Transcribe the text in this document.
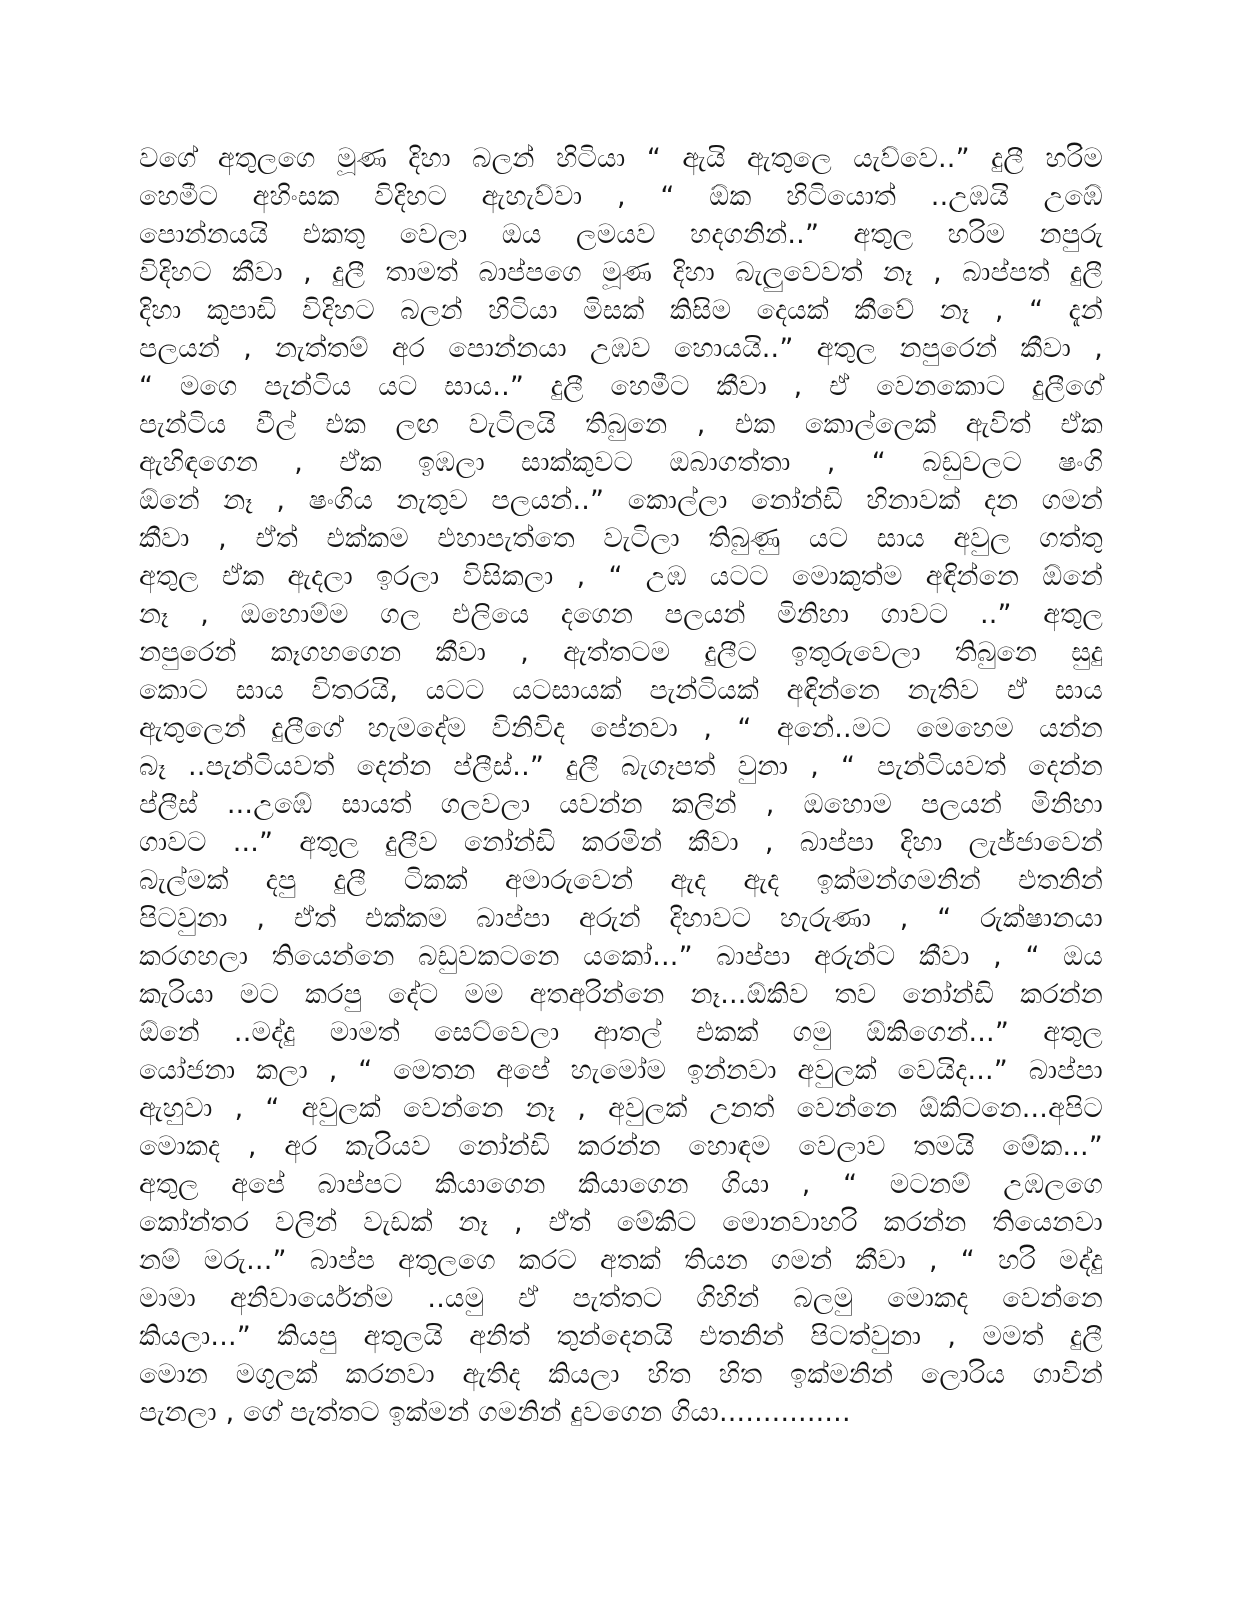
වගේ අතුලගෙ මූණ දිහා බලන් හිටියා “ ඇයි ඇතුලෙ යැව්වෙ..” දුලී හරිම
හෙමීට අහිංසක විදිහට ඇහැව්වා , “ ඕක හිටියොත් ..උඹයි උඹේ
පොන්නයයි එකතු වෙලා ඔය ලමයව හදගනින්..” අතුල හරිම නපුරු
විදිහට කීවා , දුලී තාමත් බාප්පගෙ මූණ දිහා බැලුවෙවත් නෑ , බාප්පත් දුලී
දිහා කුපාඩි විදිහට බලන් හිටියා මිසක් කිසිම දෙයක් කීවේ නෑ , “ දැන්
පලයන් , නැත්තම් අර පොන්නයා උඹව හොයයි..” අතුල නපුරෙන් කීවා ,
“ මගෙ පැන්ටිය යට සාය..” දුලී හෙමීට කීවා , ඒ වෙනකොට දුලීගේ
පැන්ටිය වීල් එක ලඟ වැටිලයි තිබුනෙ , එක කොල්ලෙක් ඇවිත් ඒක
ඇහිඳගෙන , ඒක ඉඹලා සාක්කුවට ඔබාගත්තා , “ බඩුවලට ෂංගි
ඕනේ නෑ , ෂංගිය නැතුව පලයන්..” කොල්ලා නෝන්ඩි හිනාවක් දන ගමන්
කීවා , ඒත් එක්කම එහාපැත්තෙ වැටිලා තිබුණු යට සාය අවුල ගත්තු
අතුල ඒක ඇදලා ඉරලා විසිකලා , “ උඹ යටට මොකුත්ම අඳින්නෙ ඕනේ
නෑ , ඔහොම්ම ගල එලියෙ දගෙන පලයන් මිනිහා ගාවට ..” අතුල
නපුරෙන් කෑගහගෙන කීවා , ඇත්තටම දුලීට ඉතුරුවෙලා තිබුනෙ සුදු
කොට සාය විතරයි, යටට යටසායක් පැන්ටියක් අඳින්නෙ නැතිව ඒ සාය
ඇතුලෙන් දුලීගේ හැමදේම විනිවිද පේනවා , “ අනේ..මට මෙහෙම යන්න
බෑ ..පැන්ටියවත් දෙන්න ප්ලීස්..” දුලී බැගෑපත් වුනා , “ පැන්ටියවත් දෙන්න
ප්ලීස් ...උඹේ සායත් ගලවලා යවන්න කලින් , ඔහොම පලයන් මිනිහා
ගාවට ...” අතුල දුලීව නෝන්ඩි කරමින් කීවා , බාප්පා දිහා ලැජ්ජාවෙන්
බැල්මක් දපු දුලී ටිකක් අමාරුවෙන් ඇද ඇද ඉක්මන්ගමනින් එතනින්
පිටවුනා , ඒත් එක්කම බාප්පා අරුන් දිහාවට හැරුණා , “ රුක්ෂානයා
කරගහලා තියෙන්නෙ බඩුවකටනෙ යකෝ...” බාප්පා අරුන්ට කීවා , “ ඔය
කැරියා මට කරපු දේට මම අතඅරින්නෙ නෑ...ඕකිව තව නෝන්ඩි කරන්න
ඕනේ ..මද්දු මාමත් සෙට්වෙලා ආතල් එකක් ගමු ඕකිගෙන්...” අතුල
යෝජනා කලා , “ මෙතන අපේ හැමෝම ඉන්නවා අවුලක් වෙයිද...” බාප්පා
ඇහුවා , “ අවුලක් වෙන්නෙ නෑ , අවුලක් උනත් වෙන්නෙ ඕකිටනෙ...අපිට
මොකද , අර කැරියව නෝන්ඩි කරන්න හොඳම වෙලාව තමයි මේක...”
අතුල අපේ බාප්පට කියාගෙන කියාගෙන ගියා , “ මටනම් උඹලගෙ
කෝන්තර වලින් වැඩක් නෑ , ඒත් මේකිට මොනවාහරි කරන්න තියෙනවා
නම් මරු...” බාප්ප අතුලගෙ කරට අතක් තියන ගමන් කීවා , “ හරි මද්දු
මාමා අනිවාර්යෙන්ම ..යමු ඒ පැත්තට ගිහින් බලමු මොකද වෙන්නෙ
කියලා...” කියපු අතුලයි අනිත් තුන්දෙනයි එතනින් පිටත්වුනා , මමත් දුලී
මොන මගුලක් කරනවා ඇතිද කියලා හිත හිත ඉක්මනින් ලොරිය ගාවින්
පැනලා , ගේ පැත්තට ඉක්මන් ගමනින් දුවගෙන ගියා...............
